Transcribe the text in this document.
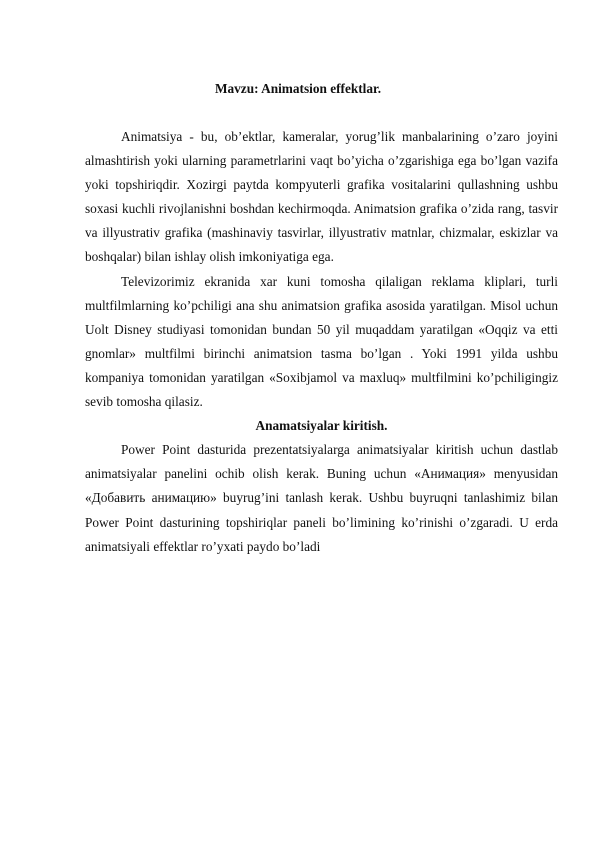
Mavzu: Animatsion effektlar.

Animatsiya - bu, ob’ektlar, kameralar, yorug’lik manbalarining o’zaro joyini almashtirish yoki ularning parametrlarini vaqt bo’yicha o’zgarishiga ega bo’lgan vazifa yoki topshiriqdir. Xozirgi paytda kompyuterli grafika vositalarini qullashning ushbu soxasi kuchli rivojlanishni boshdan kechirmoqda. Animatsion grafika o’zida rang, tasvir va illyustrativ grafika (mashinaviy tasvirlar, illyustrativ matnlar, chizmalar, eskizlar va boshqalar) bilan ishlay olish imkoniyatiga ega.

Televizorimiz ekranida xar kuni tomosha qilaligan reklama kliplari, turli multfilmlarning ko’pchiligi ana shu animatsion grafika asosida yaratilgan. Misol uchun Uolt Disney studiyasi tomonidan bundan 50 yil muqaddam yaratilgan «Oqqiz va etti gnomlar» multfilmi birinchi animatsion tasma bo’lgan . Yoki 1991 yilda ushbu kompaniya tomonidan yaratilgan «Soxibjamol va maxluq» multfilmini ko’pchiligingiz sevib tomosha qilasiz.

Anamatsiyalar kiritish.

Power Point dasturida prezentatsiyalarga animatsiyalar kiritish uchun dastlab animatsiyalar panelini ochib olish kerak. Buning uchun «Анимация» menyusidan «Добавить анимацию» buyrug’ini tanlash kerak. Ushbu buyruqni tanlashimiz bilan Power Point dasturining topshiriqlar paneli bo’limining ko’rinishi o’zgaradi. U erda animatsiyali effektlar ro’yxati paydo bo’ladi
